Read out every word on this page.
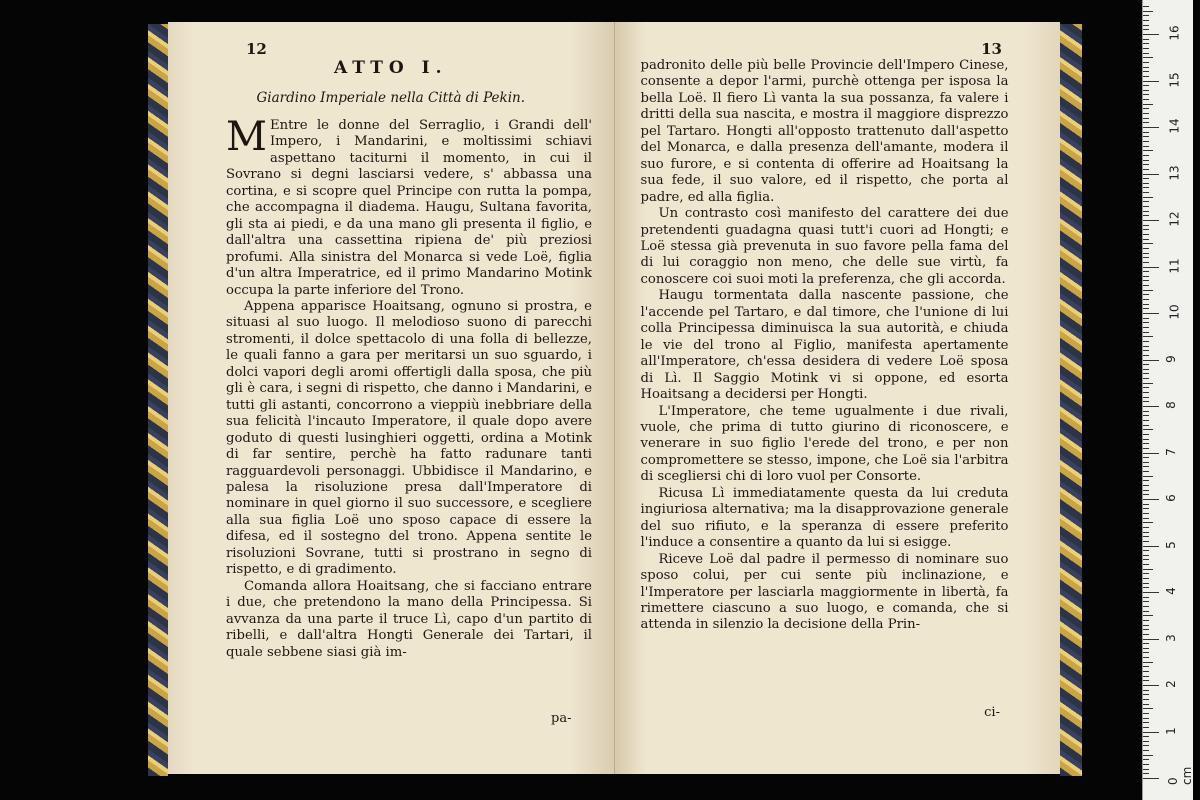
12
ATTO I.
Giardino Imperiale nella Città di Pekin.

M Entre le donne del Serraglio, i Grandi dell' Impero, i Mandarini, e moltissimi schiavi aspettano taciturni il momento, in cui il Sovrano si degni lasciarsi vedere, s' abbassa una cortina, e si scopre quel Principe con rutta la pompa, che accompagna il diadema. Haugu, Sultana favorita, gli sta ai piedi, e da una mano gli presenta il figlio, e dall'altra una cassettina ripiena de' più preziosi profumi. Alla sinistra del Monarca si vede Loë, figlia d'un altra Imperatrice, ed il primo Mandarino Motink occupa la parte inferiore del Trono.

Appena apparisce Hoaitsang, ognuno si prostra, e situasi al suo luogo. Il melodioso suono di parecchi stromenti, il dolce spettacolo di una folla di bellezze, le quali fanno a gara per meritarsi un suo sguardo, i dolci vapori degli aromi offertigli dalla sposa, che più gli è cara, i segni di rispetto, che danno i Mandarini, e tutti gli astanti, concorrono a vieppiù inebbriare della sua felicità l'incauto Imperatore, il quale dopo avere goduto di questi lusinghieri oggetti, ordina a Motink di far sentire, perchè ha fatto radunare tanti ragguardevoli personaggi. Ubbidisce il Mandarino, e palesa la risoluzione presa dall'Imperatore di nominare in quel giorno il suo successore, e scegliere alla sua figlia Loë uno sposo capace di essere la difesa, ed il sostegno del trono. Appena sentite le risoluzioni Sovrane, tutti si prostrano in segno di rispetto, e di gradimento.

Comanda allora Hoaitsang, che si facciano entrare i due, che pretendono la mano della Principessa. Si avvanza da una parte il truce Lì, capo d'un partito di ribelli, e dall'altra Hongti Generale dei Tartari, il quale sebbene siasi già im-

pa-
13

padronito delle più belle Provincie dell'Impero Cinese, consente a depor l'armi, purchè ottenga per isposa la bella Loë. Il fiero Lì vanta la sua possanza, fa valere i dritti della sua nascita, e mostra il maggiore disprezzo pel Tartaro. Hongti all'opposto trattenuto dall'aspetto del Monarca, e dalla presenza dell'amante, modera il suo furore, e si contenta di offerire ad Hoaitsang la sua fede, il suo valore, ed il rispetto, che porta al padre, ed alla figlia.

Un contrasto così manifesto del carattere dei due pretendenti guadagna quasi tutt'i cuori ad Hongti; e Loë stessa già prevenuta in suo favore pella fama del di lui coraggio non meno, che delle sue virtù, fa conoscere coi suoi moti la preferenza, che gli accorda.

Haugu tormentata dalla nascente passione, che l'accende pel Tartaro, e dal timore, che l'unione di lui colla Principessa diminuisca la sua autorità, e chiuda le vie del trono al Figlio, manifesta apertamente all'Imperatore, ch'essa desidera di vedere Loë sposa di Lì. Il Saggio Motink vi si oppone, ed esorta Hoaitsang a decidersi per Hongti.

L'Imperatore, che teme ugualmente i due rivali, vuole, che prima di tutto giurino di riconoscere, e venerare in suo figlio l'erede del trono, e per non compromettere se stesso, impone, che Loë sia l'arbitra di scegliersi chi di loro vuol per Consorte.

Ricusa Lì immediatamente questa da lui creduta ingiuriosa alternativa; ma la disapprovazione generale del suo rifiuto, e la speranza di essere preferito l'induce a consentire a quanto da lui si esigge.

Riceve Loë dal padre il permesso di nominare suo sposo colui, per cui sente più inclinazione, e l'Imperatore per lasciarla maggiormente in libertà, fa rimettere ciascuno a suo luogo, e comanda, che si attenda in silenzio la decisione della Prin-

ci-
0 cm
1
2
3
4
5
6
7
8
9
10
11
12
13
14
15
16
